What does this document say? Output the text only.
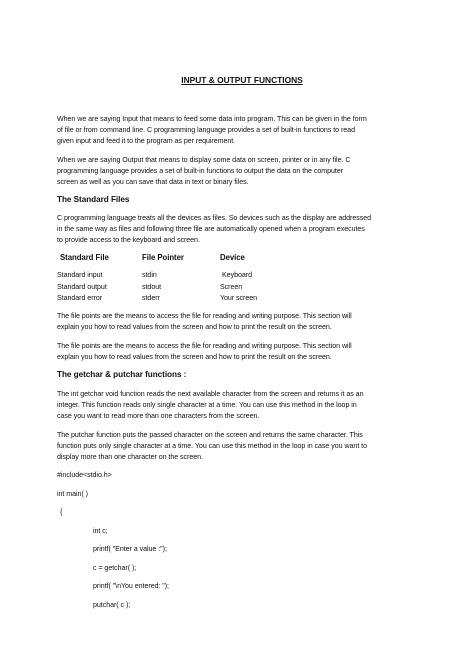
INPUT & OUTPUT FUNCTIONS

When we are saying Input that means to feed some data into program. This can be given in the form

of file or from command line. C programming language provides a set of built-in functions to read

given input and feed it to the program as per requirement.

When we are saying Output that means to display some data on screen, printer or in any file. C

programming language provides a set of built-in functions to output the data on the computer

screen as well as you can save that data in text or binary files.

The Standard Files

C programming language treats all the devices as files. So devices such as the display are addressed

in the same way as files and following three file are automatically opened when a program executes

to provide access to the keyboard and screen.

Standard File	File Pointer	Device

Standard input	stdin	Keyboard

Standard output	stdout	Screen

Standard error	stderr	Your screen

The file points are the means to access the file for reading and writing purpose. This section will

explain you how to read values from the screen and how to print the result on the screen.

The file points are the means to access the file for reading and writing purpose. This section will

explain you how to read values from the screen and how to print the result on the screen.

The getchar & putchar functions :

The int getchar void function reads the next available character from the screen and returns it as an

integer. This function reads only single character at a time. You can use this method in the loop in

case you want to read more than one characters from the screen.

The putchar function puts the passed character on the screen and returns the same character. This

function puts only single character at a time. You can use this method in the loop in case you want to

display more than one character on the screen.

#include<stdio.h>

int main( )

{

int c;

printf( "Enter a value :");

c = getchar( );

printf( "\nYou entered: ");

putchar( c );
